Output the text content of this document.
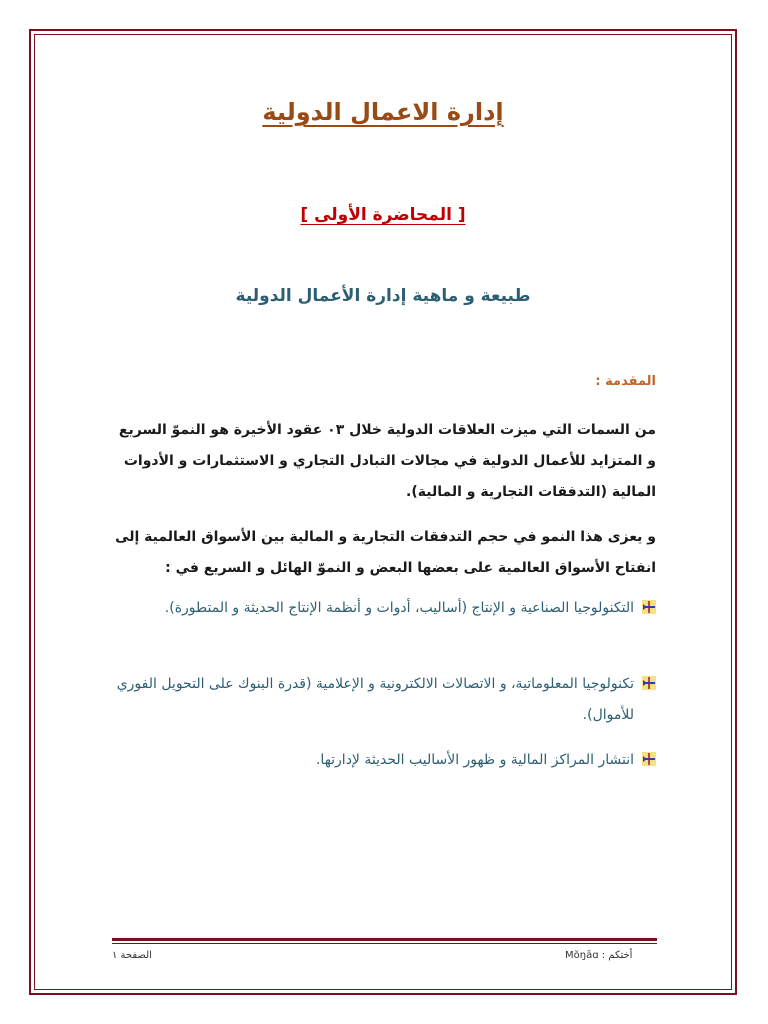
إدارة الاعمال الدولية
[ المحاضرة الأولى ]
طبيعة و ماهية إدارة الأعمال الدولية
المقدمة :
من السمات التي ميزت العلاقات الدولية خلال ٠٣ عقود الأخيرة هو النموّ السريع و المتزايد للأعمال الدولية في مجالات التبادل التجاري و الاستثمارات و الأدوات المالية (التدفقات التجارية و المالية).
و يعزى هذا النمو في حجم التدفقات التجارية و المالية بين الأسواق العالمية إلى انفتاح الأسواق العالمية على بعضها البعض و النموّ الهائل و السريع في :
التكنولوجيا الصناعية و الإنتاج (أساليب، أدوات و أنظمة الإنتاج الحديثة و المتطورة).
تكنولوجيا المعلوماتية، و الاتصالات الالكترونية و الإعلامية (قدرة البنوك على التحويل الفوري للأموال).
انتشار المراكز المالية و ظهور الأساليب الحديثة لإدارتها.
أختكم : Mŏŋāɑ
الصفحة ١
